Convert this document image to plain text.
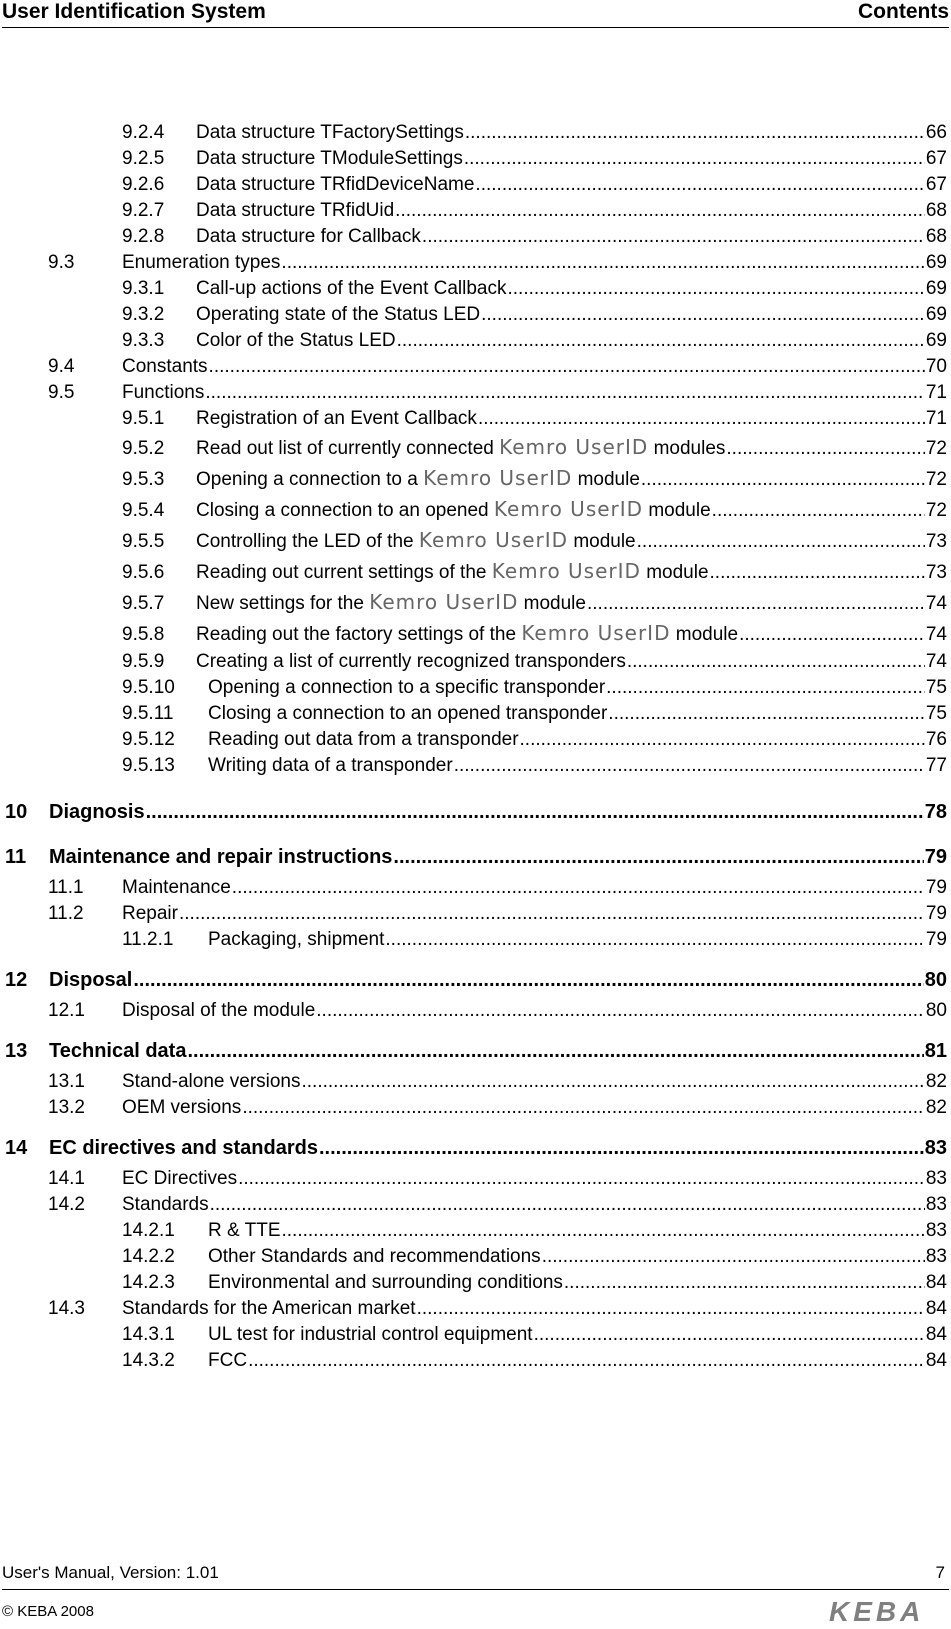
User Identification System	Contents
9.2.4	Data structure TFactorySettings .....	66
9.2.5	Data structure TModuleSettings .....	67
9.2.6	Data structure TRfidDeviceName .....	67
9.2.7	Data structure TRfidUid .....	68
9.2.8	Data structure for Callback .....	68
9.3	Enumeration types .....	69
9.3.1	Call-up actions of the Event Callback .....	69
9.3.2	Operating state of the Status LED .....	69
9.3.3	Color of the Status LED .....	69
9.4	Constants .....	70
9.5	Functions .....	71
9.5.1	Registration of an Event Callback .....	71
9.5.2	Read out list of currently connected Kemro UserID modules .....	72
9.5.3	Opening a connection to a Kemro UserID module .....	72
9.5.4	Closing a connection to an opened Kemro UserID module .....	72
9.5.5	Controlling the LED of the Kemro UserID module .....	73
9.5.6	Reading out current settings of the Kemro UserID module .....	73
9.5.7	New settings for the Kemro UserID module .....	74
9.5.8	Reading out the factory settings of the Kemro UserID module .....	74
9.5.9	Creating a list of currently recognized transponders .....	74
9.5.10	Opening a connection to a specific transponder .....	75
9.5.11	Closing a connection to an opened transponder .....	75
9.5.12	Reading out data from a transponder .....	76
9.5.13	Writing data of a transponder .....	77
10	Diagnosis .....	78
11	Maintenance and repair instructions .....	79
11.1	Maintenance .....	79
11.2	Repair .....	79
11.2.1	Packaging, shipment .....	79
12	Disposal .....	80
12.1	Disposal of the module .....	80
13	Technical data .....	81
13.1	Stand-alone versions .....	82
13.2	OEM versions .....	82
14	EC directives and standards .....	83
14.1	EC Directives .....	83
14.2	Standards .....	83
14.2.1	R & TTE .....	83
14.2.2	Other Standards and recommendations .....	83
14.2.3	Environmental and surrounding conditions .....	84
14.3	Standards for the American market .....	84
14.3.1	UL test for industrial control equipment .....	84
14.3.2	FCC .....	84
User's Manual, Version: 1.01	7
© KEBA 2008	KEBA
